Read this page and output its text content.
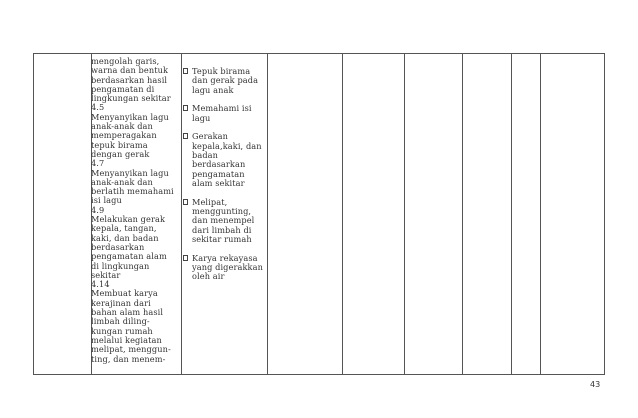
mengolah garis,
warna dan bentuk
berdasarkan hasil
pengamatan di
lingkungan sekitar
4.5
Menyanyikan lagu
anak-anak dan
memperagakan
tepuk birama
dengan gerak
4.7
Menyanyikan lagu
anak-anak dan
berlatih memahami
isi lagu
4.9
Melakukan gerak
kepala, tangan,
kaki, dan badan
berdasarkan
pengamatan alam
di lingkungan
sekitar
4.14
Membuat karya
kerajinan dari
bahan alam hasil
limbah diling-
kungan rumah
melalui kegiatan
melipat, menggun-
ting, dan menem-
Tepuk birama
dan gerak pada
lagu anak
Memahami isi
lagu
Gerakan
kepala,kaki, dan
badan
berdasarkan
pengamatan
alam sekitar
Melipat,
menggunting,
dan menempel
dari limbah di
sekitar rumah
Karya rekayasa
yang digerakkan
oleh air
43
